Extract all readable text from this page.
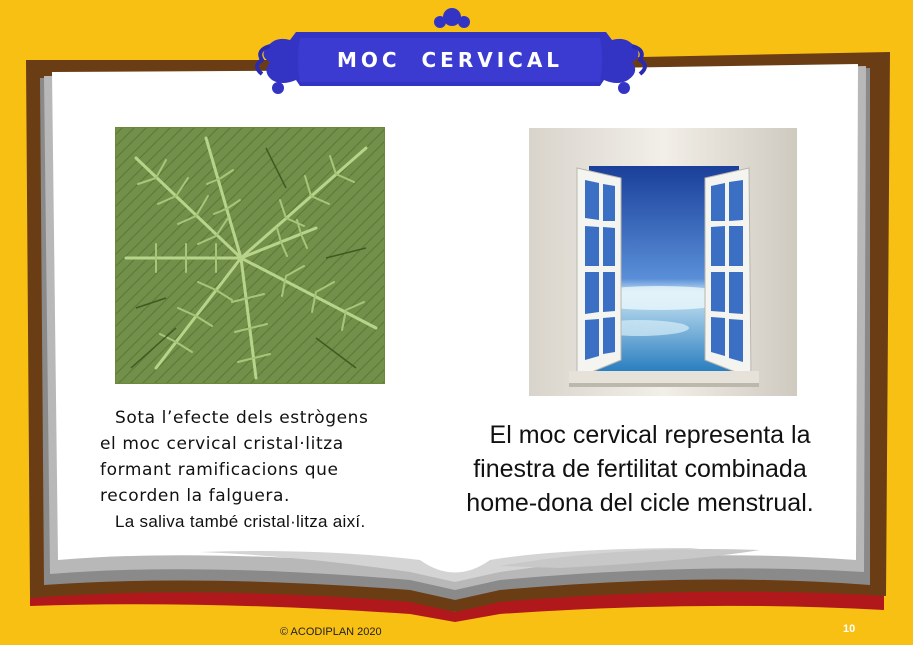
MOC CERVICAL

Sota l’efecte dels estrògens

el moc cervical cristal·litza

formant ramificacions que

recorden la falguera.

La saliva també cristal·litza així.

El moc cervical representa la
finestra de fertilitat combinada
home-dona del cicle menstrual.
© ACODIPLAN 2020	10
